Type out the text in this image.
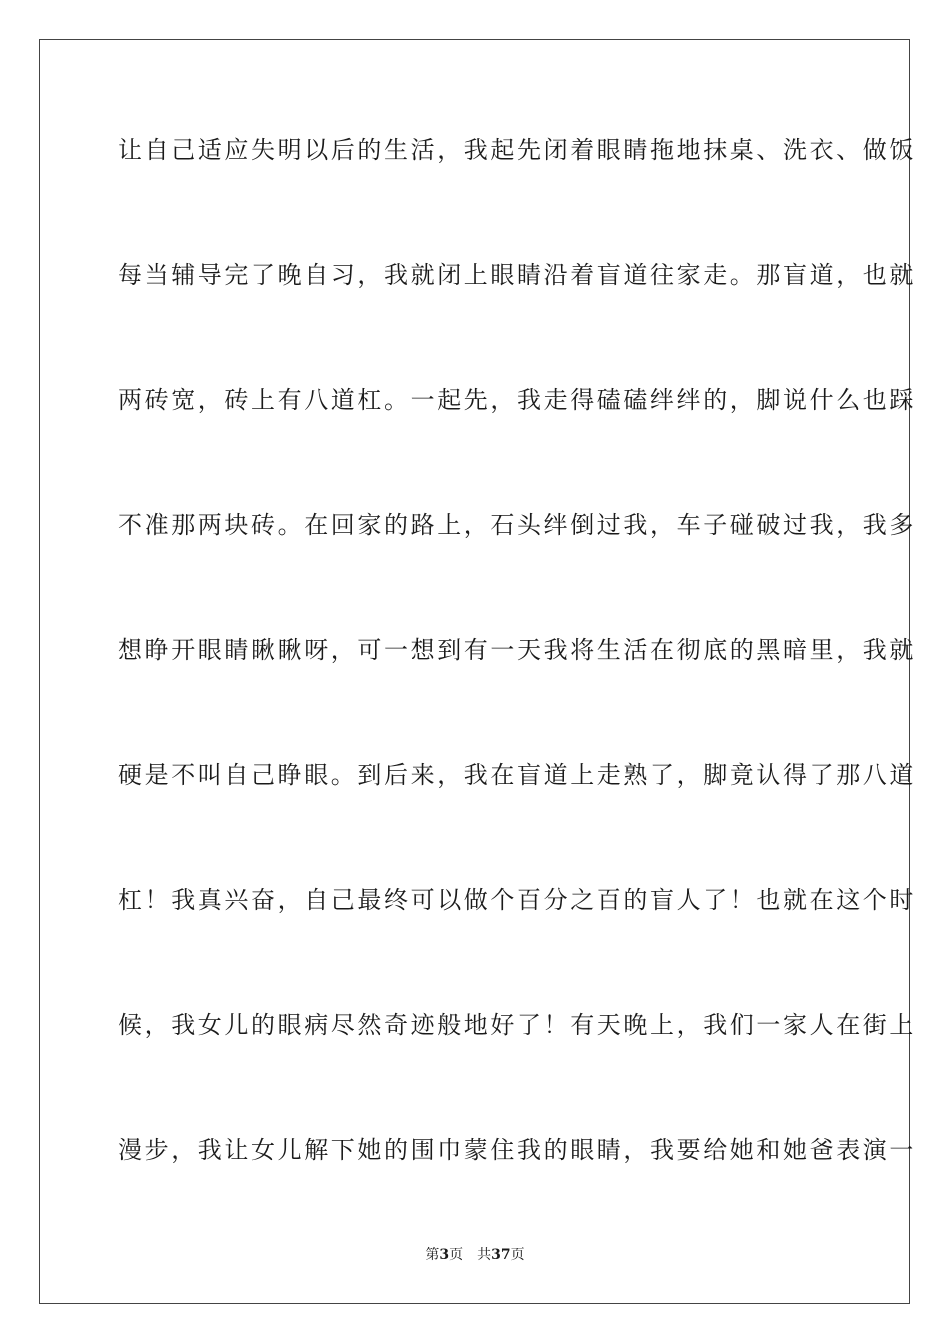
让自己适应失明以后的生活，我起先闭着眼睛拖地抹桌、洗衣、做饭

每当辅导完了晚自习，我就闭上眼睛沿着盲道往家走。那盲道，也就

两砖宽，砖上有八道杠。一起先，我走得磕磕绊绊的，脚说什么也踩

不准那两块砖。在回家的路上，石头绊倒过我，车子碰破过我，我多

想睁开眼睛瞅瞅呀，可一想到有一天我将生活在彻底的黑暗里，我就

硬是不叫自己睁眼。到后来，我在盲道上走熟了，脚竟认得了那八道

杠！我真兴奋，自己最终可以做个百分之百的盲人了！也就在这个时

候，我女儿的眼病尽然奇迹般地好了！有天晚上，我们一家人在街上

漫步，我让女儿解下她的围巾蒙住我的眼睛，我要给她和她爸表演一

第3页 共37页
